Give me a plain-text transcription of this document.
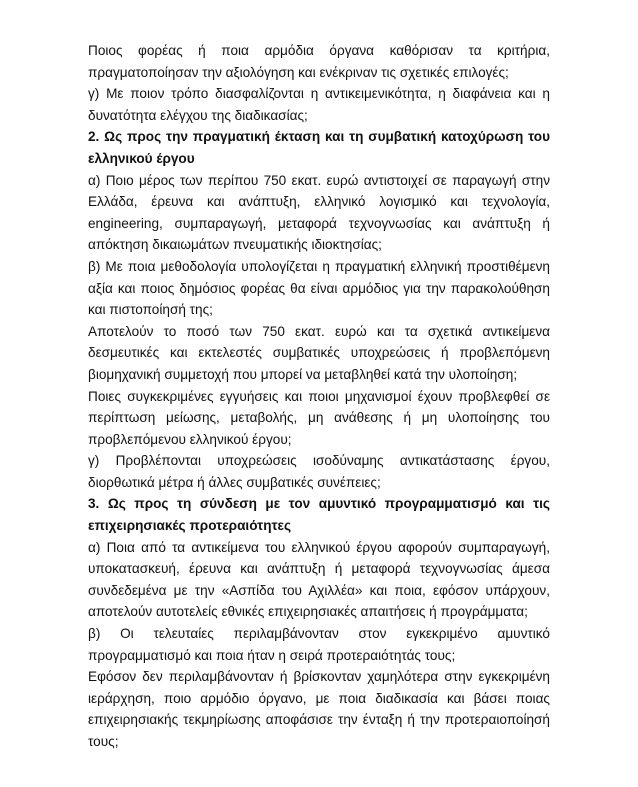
Ποιος φορέας ή ποια αρμόδια όργανα καθόρισαν τα κριτήρια, πραγματοποίησαν την αξιολόγηση και ενέκριναν τις σχετικές επιλογές;

γ) Με ποιον τρόπο διασφαλίζονται η αντικειμενικότητα, η διαφάνεια και η δυνατότητα ελέγχου της διαδικασίας;

2. Ως προς την πραγματική έκταση και τη συμβατική κατοχύρωση του ελληνικού έργου

α) Ποιο μέρος των περίπου 750 εκατ. ευρώ αντιστοιχεί σε παραγωγή στην Ελλάδα, έρευνα και ανάπτυξη, ελληνικό λογισμικό και τεχνολογία, engineering, συμπαραγωγή, μεταφορά τεχνογνωσίας και ανάπτυξη ή απόκτηση δικαιωμάτων πνευματικής ιδιοκτησίας;

β) Με ποια μεθοδολογία υπολογίζεται η πραγματική ελληνική προστιθέμενη αξία και ποιος δημόσιος φορέας θα είναι αρμόδιος για την παρακολούθηση και πιστοποίησή της;

Αποτελούν το ποσό των 750 εκατ. ευρώ και τα σχετικά αντικείμενα δεσμευτικές και εκτελεστές συμβατικές υποχρεώσεις ή προβλεπόμενη βιομηχανική συμμετοχή που μπορεί να μεταβληθεί κατά την υλοποίηση;

Ποιες συγκεκριμένες εγγυήσεις και ποιοι μηχανισμοί έχουν προβλεφθεί σε περίπτωση μείωσης, μεταβολής, μη ανάθεσης ή μη υλοποίησης του προβλεπόμενου ελληνικού έργου;

γ) Προβλέπονται υποχρεώσεις ισοδύναμης αντικατάστασης έργου, διορθωτικά μέτρα ή άλλες συμβατικές συνέπειες;

3. Ως προς τη σύνδεση με τον αμυντικό προγραμματισμό και τις επιχειρησιακές προτεραιότητες

α) Ποια από τα αντικείμενα του ελληνικού έργου αφορούν συμπαραγωγή, υποκατασκευή, έρευνα και ανάπτυξη ή μεταφορά τεχνογνωσίας άμεσα συνδεδεμένα με την «Ασπίδα του Αχιλλέα» και ποια, εφόσον υπάρχουν, αποτελούν αυτοτελείς εθνικές επιχειρησιακές απαιτήσεις ή προγράμματα;

β) Οι τελευταίες περιλαμβάνονταν στον εγκεκριμένο αμυντικό προγραμματισμό και ποια ήταν η σειρά προτεραιότητάς τους;

Εφόσον δεν περιλαμβάνονταν ή βρίσκονταν χαμηλότερα στην εγκεκριμένη ιεράρχηση, ποιο αρμόδιο όργανο, με ποια διαδικασία και βάσει ποιας επιχειρησιακής τεκμηρίωσης αποφάσισε την ένταξη ή την προτεραιοποίησή τους;
